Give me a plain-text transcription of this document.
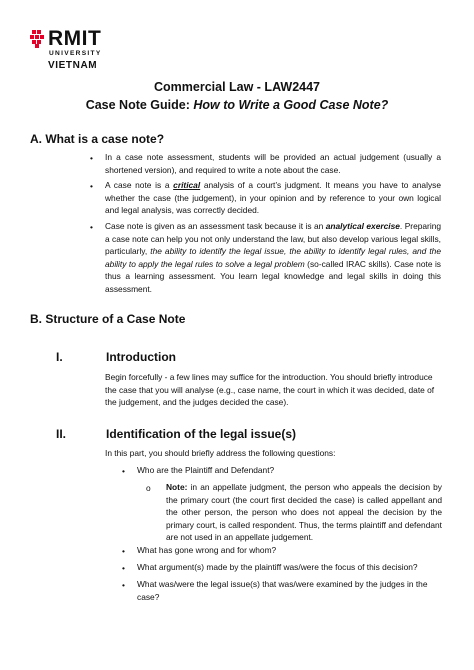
RMIT
UNIVERSITY
VIETNAM
Commercial Law - LAW2447
Case Note Guide: How to Write a Good Case Note?
A. What is a case note?
• In a case note assessment, students will be provided an actual judgement (usually a shortened version), and required to write a note about the case.
• A case note is a critical analysis of a court’s judgment. It means you have to analyse whether the case (the judgement), in your opinion and by reference to your own logical and legal analysis, was correctly decided.
• Case note is given as an assessment task because it is an analytical exercise. Preparing a case note can help you not only understand the law, but also develop various legal skills, particularly, the ability to identify the legal issue, the ability to identify legal rules, and the ability to apply the legal rules to solve a legal problem (so-called IRAC skills). Case note is thus a learning assessment. You learn legal knowledge and legal skills in doing this assessment.
B. Structure of a Case Note
I.	Introduction
Begin forcefully - a few lines may suffice for the introduction. You should briefly introduce the case that you will analyse (e.g., case name, the court in which it was decided, date of the judgement, and the judges decided the case).
II.	Identification of the legal issue(s)
In this part, you should briefly address the following questions:
• Who are the Plaintiff and Defendant?
o Note: in an appellate judgment, the person who appeals the decision by the primary court (the court first decided the case) is called appellant and the other person, the person who does not appeal the decision by the primary court, is called respondent. Thus, the terms plaintiff and defendant are not used in an appellate judgement.
• What has gone wrong and for whom?
• What argument(s) made by the plaintiff was/were the focus of this decision?
• What was/were the legal issue(s) that was/were examined by the judges in the case?
